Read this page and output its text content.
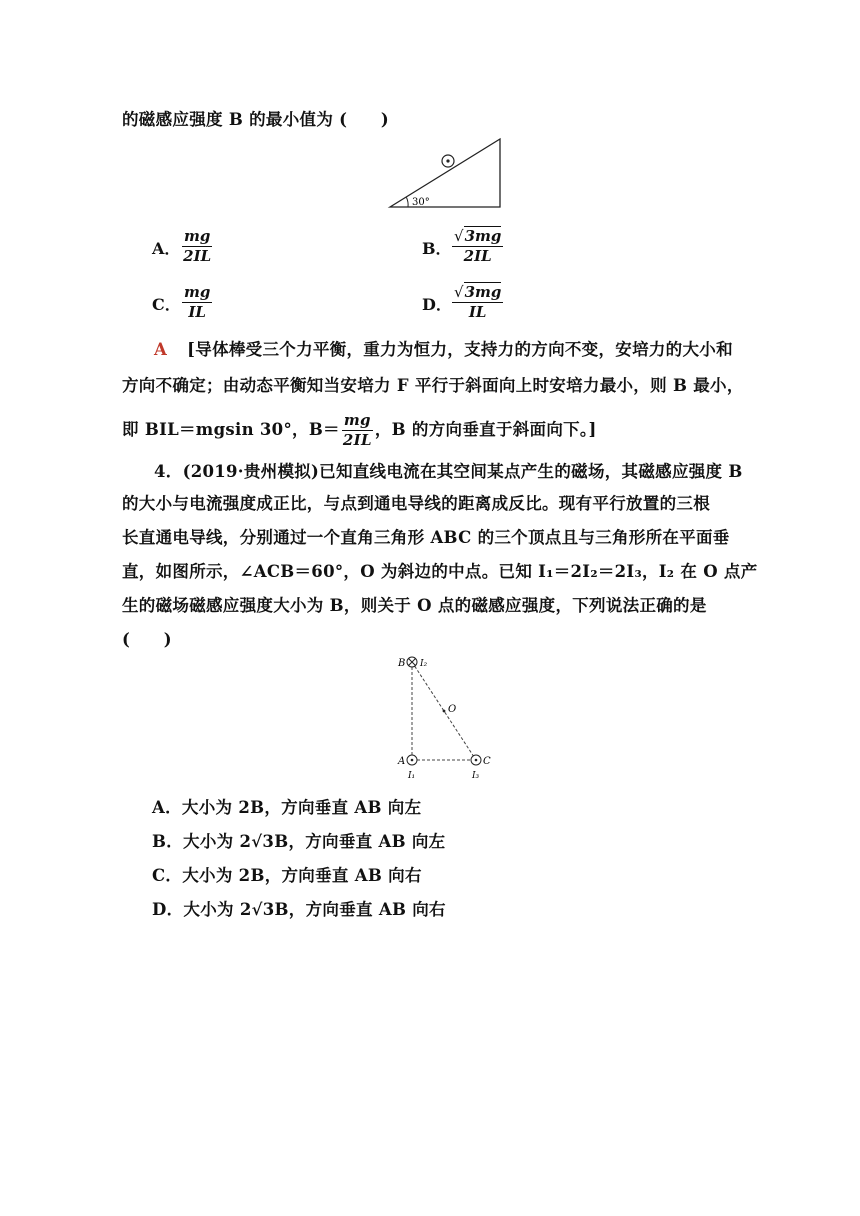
的磁感应强度 B 的最小值为 (　　)
30°
A． $\frac{mg}{2IL}$	B． $\frac{√3mg}{2IL}$
C． $\frac{mg}{IL}$	D． $\frac{√3mg}{IL}$
A [导体棒受三个力平衡，重力为恒力，支持力的方向不变，安培力的大小和
方向不确定；由动态平衡知当安培力 F 平行于斜面向上时安培力最小，则 B 最小，
即 BIL＝mgsin 30°，$B= \frac{mg}{2IL}$ ，B 的方向垂直于斜面向下。]
4．(2019·贵州模拟)已知直线电流在其空间某点产生的磁场，其磁感应强度 B
的大小与电流强度成正比，与点到通电导线的距离成反比。现有平行放置的三根
长直通电导线，分别通过一个直角三角形 ABC 的三个顶点且与三角形所在平面垂
直，如图所示，∠ACB＝60°，O 为斜边的中点。已知 I₁＝2I₂＝2I₃，I₂ 在 O 点产
生的磁场磁感应强度大小为 B，则关于 O 点的磁感应强度，下列说法正确的是
(　　)
B I₂
O
A
I₁
C
I₃
A．大小为 2B，方向垂直 AB 向左
B．大小为 2√3B，方向垂直 AB 向左
C．大小为 2B，方向垂直 AB 向右
D．大小为 2√3B，方向垂直 AB 向右
